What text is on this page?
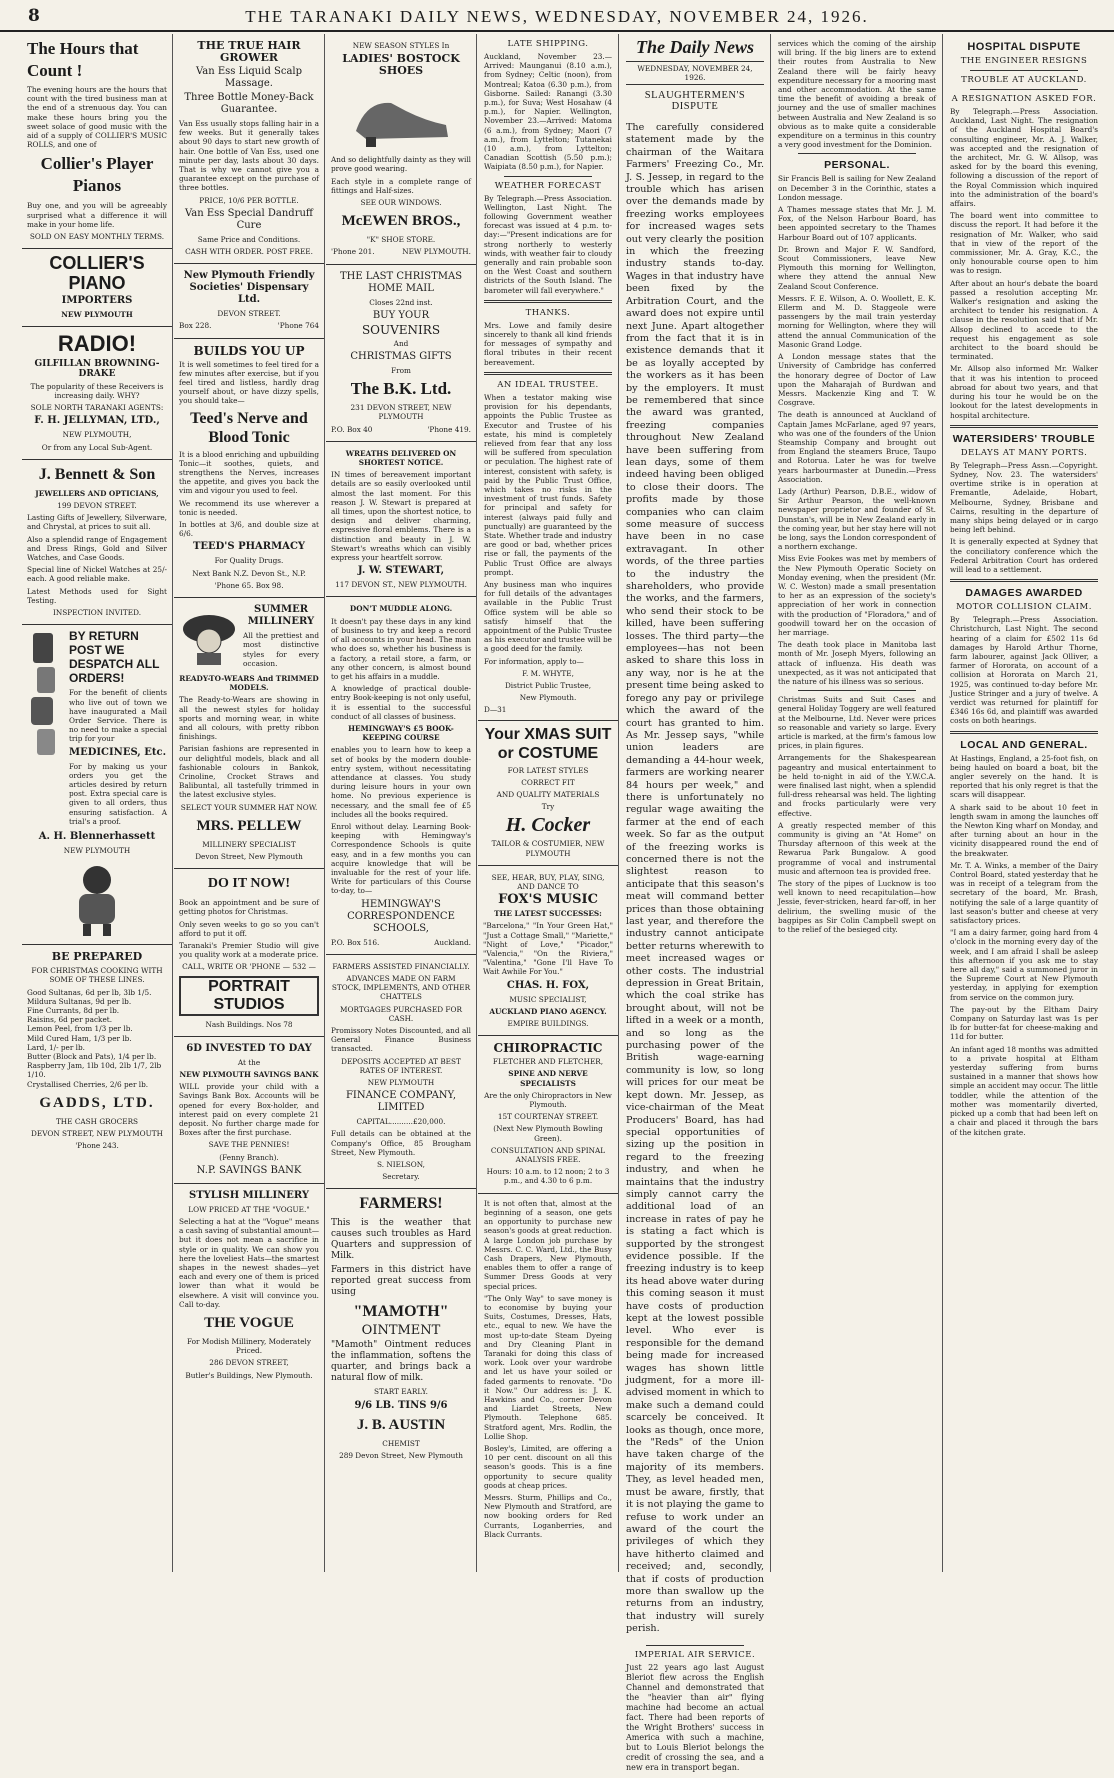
8	THE TARANAKI DAILY NEWS, WEDNESDAY, NOVEMBER 24, 1926.
The Hours that Count !

The evening hours are the hours that count with the tired business man at the end of a strenuous day. You can make these hours bring you the sweet solace of good music with the aid of a supply of COLLIER'S MUSIC ROLLS, and one of

Collier's Player Pianos

Buy one, and you will be agreeably surprised what a difference it will make in your home life.

SOLD ON EASY MONTHLY TERMS.

COLLIER'S PIANO
IMPORTERS
NEW PLYMOUTH
RADIO!
GILFILLAN BROWNING-DRAKE

The popularity of these Receivers is increasing daily. WHY?

SOLE NORTH TARANAKI AGENTS:

F. H. JELLYMAN, LTD.,
NEW PLYMOUTH,
Or from any Local Sub-Agent.
J. Bennett & Son
JEWELLERS AND OPTICIANS,
199 DEVON STREET.

Lasting Gifts of Jewellery, Silverware, and Chrystal, at prices to suit all.

Also a splendid range of Engagement and Dress Rings, Gold and Silver Watches, and Case Goods.

Special line of Nickel Watches at 25/- each. A good reliable make.

Latest Methods used for Sight Testing.

INSPECTION INVITED.
BY RETURN POST WE DESPATCH ALL ORDERS!

For the benefit of clients who live out of town we have inaugurated a Mail Order Service. There is no need to make a special trip for your

MEDICINES, Etc.

For by making us your orders you get the articles desired by return post. Extra special care is given to all orders, thus ensuring satisfaction. A trial's a proof.

A. H. Blennerhassett
NEW PLYMOUTH
BE PREPARED
FOR CHRISTMAS COOKING WITH SOME OF THESE LINES.
Good Sultanas, 6d per lb, 3lb 1/5.
Mildura Sultanas, 9d per lb.
Fine Currants, 8d per lb.
Raisins, 6d per packet.
Lemon Peel, from 1/3 per lb.
Mild Cured Ham, 1/3 per lb.
Lard, 1/- per lb.
Butter (Block and Pats), 1/4 per lb.
Raspberry Jam, 1lb 10d, 2lb 1/7, 2lb 1/10.
Crystallised Cherries, 2/6 per lb.
GADDS, LTD.
THE CASH GROCERS
DEVON STREET, NEW PLYMOUTH
'Phone 243.
THE TRUE HAIR GROWER
Van Ess Liquid Scalp Massage.
Three Bottle Money-Back Guarantee.

Van Ess usually stops falling hair in a few weeks. But it generally takes about 90 days to start new growth of hair. One bottle of Van Ess, used one minute per day, lasts about 30 days. That is why we cannot give you a guarantee except on the purchase of three bottles.

PRICE, 10/6 PER BOTTLE.
Van Ess Special Dandruff Cure
Same Price and Conditions.
CASH WITH ORDER. POST FREE.
New Plymouth Friendly Societies' Dispensary Ltd.
DEVON STREET.
Box 228.	'Phone 764
BUILDS YOU UP

It is well sometimes to feel tired for a few minutes after exercise, but if you feel tired and listless, hardly drag yourself about, or have dizzy spells, you should take—

Teed's Nerve and Blood Tonic

It is a blood enriching and upbuilding Tonic—it soothes, quiets, and strengthens the Nerves, increases the appetite, and gives you back the vim and vigour you used to feel.

We recommend its use wherever a tonic is needed.

In bottles at 3/6, and double size at 6/6.

TEED'S PHARMACY
For Quality Drugs.
Next Bank N.Z. Devon St., N.P.
'Phone 65. Box 98.
SUMMER MILLINERY

All the prettiest and most distinctive styles for every occasion.

READY-TO-WEARS And TRIMMED MODELS.

The Ready-to-Wears are showing in all the newest styles for holiday sports and morning wear, in white and all colours, with pretty ribbon finishings.

Parisian fashions are represented in our delightful models, black and all fashionable colours in Bankok, Crinoline, Crocket Straws and Balibuntal, all tastefully trimmed in the latest exclusive styles.

SELECT YOUR SUMMER HAT NOW.
MRS. PELLEW
MILLINERY SPECIALIST
Devon Street, New Plymouth
DO IT NOW!

Book an appointment and be sure of getting photos for Christmas.

Only seven weeks to go so you can't afford to put it off.

Taranaki's Premier Studio will give you quality work at a moderate price.

CALL, WRITE OR 'PHONE — 532 —
PORTRAIT STUDIOS
Nash Buildings. Nos 78
6D INVESTED TO DAY
At the
NEW PLYMOUTH SAVINGS BANK

WILL provide your child with a Savings Bank Box. Accounts will be opened for every Box-holder, and interest paid on every complete 21 deposit. No further charge made for Boxes after the first purchase.

SAVE THE PENNIES!
(Fenny Branch).
N.P. SAVINGS BANK
STYLISH MILLINERY
LOW PRICED AT THE "VOGUE."

Selecting a hat at the "Vogue" means a cash saving of substantial amount—but it does not mean a sacrifice in style or in quality. We can show you here the loveliest Hats—the smartest shapes in the newest shades—yet each and every one of them is priced lower than what it would be elsewhere. A visit will convince you. Call to-day.

THE VOGUE
For Modish Millinery, Moderately Priced.
286 DEVON STREET,
Butler's Buildings, New Plymouth.
NEW SEASON STYLES In
LADIES' BOSTOCK SHOES

And so delightfully dainty as they will prove good wearing.

Each style in a complete range of fittings and Half-sizes.

SEE OUR WINDOWS.
McEWEN BROS.,
"K" SHOE STORE.
'Phone 201.	NEW PLYMOUTH.
THE LAST CHRISTMAS HOME MAIL
Closes 22nd inst.
BUY YOUR
SOUVENIRS
And
CHRISTMAS GIFTS
From
The B.K. Ltd.
231 DEVON STREET, NEW PLYMOUTH
P.O. Box 40	'Phone 419.
WREATHS DELIVERED ON SHORTEST NOTICE.

IN times of bereavement important details are so easily overlooked until almost the last moment. For this reason J. W. Stewart is prepared at all times, upon the shortest notice, to design and deliver charming, expressive floral emblems. There is a distinction and beauty in J. W. Stewart's wreaths which can visibly express your heartfelt sorrow.

J. W. STEWART,
117 DEVON ST., NEW PLYMOUTH.
DON'T MUDDLE ALONG.

It doesn't pay these days in any kind of business to try and keep a record of all accounts in your head. The man who does so, whether his business is a factory, a retail store, a farm, or any other concern, is almost bound to get his affairs in a muddle.

A knowledge of practical double-entry Book-keeping is not only useful, it is essential to the successful conduct of all classes of business.

HEMINGWAY'S £5 BOOK-KEEPING COURSE

enables you to learn how to keep a set of books by the modern double-entry system, without necessitating attendance at classes. You study during leisure hours in your own home. No previous experience is necessary, and the small fee of £5 includes all the books required.

Enrol without delay. Learning Book-keeping with Hemingway's Correspondence Schools is quite easy, and in a few months you can acquire knowledge that will be invaluable for the rest of your life. Write for particulars of this Course to-day, to—

HEMINGWAY'S CORRESPONDENCE SCHOOLS,
P.O. Box 516.	Auckland.
FARMERS ASSISTED FINANCIALLY.
ADVANCES MADE ON FARM STOCK, IMPLEMENTS, AND OTHER CHATTELS
MORTGAGES PURCHASED FOR CASH.

Promissory Notes Discounted, and all General Finance Business transacted.

DEPOSITS ACCEPTED AT BEST RATES OF INTEREST.
NEW PLYMOUTH
FINANCE COMPANY, LIMITED
CAPITAL..........£20,000.

Full details can be obtained at the Company's Office, 85 Brougham Street, New Plymouth.

S. NIELSON,
Secretary.
FARMERS!

This is the weather that causes such troubles as Hard Quarters and suppression of Milk.

Farmers in this district have reported great success from using

"MAMOTH"
OINTMENT

"Mamoth" Ointment reduces the inflammation, softens the quarter, and brings back a natural flow of milk.

START EARLY.
9/6 LB. TINS 9/6
J. B. AUSTIN
CHEMIST
289 Devon Street, New Plymouth
LATE SHIPPING.

Auckland, November 23.—Arrived: Maunganui (8.10 a.m.), from Sydney; Celtic (noon), from Montreal; Katoa (6.30 p.m.), from Gisborne. Sailed: Ranangi (3.30 p.m.), for Suva; West Hosahaw (4 p.m.), for Napier. Wellington, November 23.—Arrived: Matoma (6 a.m.), from Sydney; Maori (7 a.m.), from Lyttelton; Tutanekai (10 a.m.), from Lyttelton; Canadian Scottish (5.50 p.m.); Waipiata (8.50 p.m.), for Napier.

WEATHER FORECAST

By Telegraph.—Press Association. Wellington, Last Night. The following Government weather forecast was issued at 4 p.m. to-day:—"Present indications are for strong northerly to westerly winds, with weather fair to cloudy generally and rain probable soon on the West Coast and southern districts of the South Island. The barometer will fall everywhere."

THANKS.

Mrs. Lowe and family desire sincerely to thank all kind friends for messages of sympathy and floral tributes in their recent bereavement.

AN IDEAL TRUSTEE.

When a testator making wise provision for his dependants, appoints the Public Trustee as Executor and Trustee of his estate, his mind is completely relieved from fear that any loss will be suffered from speculation or peculation. The highest rate of interest, consistent with safety, is paid by the Public Trust Office, which takes no risks in the investment of trust funds. Safety for principal and safety for interest (always paid fully and punctually) are guaranteed by the State. Whether trade and industry are good or bad, whether prices rise or fall, the payments of the Public Trust Office are always prompt.

Any business man who inquires for full details of the advantages available in the Public Trust Office system will be able so satisfy himself that the appointment of the Public Trustee as his executor and trustee will be a good deed for the family.

For information, apply to—

F. M. WHYTE,
District Public Trustee,
New Plymouth.
D—31
Your XMAS SUIT or COSTUME
FOR LATEST STYLES
CORRECT FIT
AND QUALITY MATERIALS
Try
H. Cocker
TAILOR & COSTUMIER, NEW PLYMOUTH
SEE, HEAR, BUY, PLAY, SING, AND DANCE TO
FOX'S MUSIC
THE LATEST SUCCESSES:

"Barcelona," "In Your Green Hat," "Just a Cottage Small," "Mariette," "Night of Love," "Picador," "Valencia," "On the Riviera," "Valentina," "Gone I'll Have To Wait Awhile For You."

CHAS. H. FOX,
MUSIC SPECIALIST,
AUCKLAND PIANO AGENCY.
EMPIRE BUILDINGS.
CHIROPRACTIC
FLETCHER AND FLETCHER,
SPINE AND NERVE SPECIALISTS
Are the only Chiropractors in New Plymouth.
15T COURTENAY STREET.
(Next New Plymouth Bowling Green).
CONSULTATION AND SPINAL ANALYSIS FREE.
Hours: 10 a.m. to 12 noon; 2 to 3 p.m., and 4.30 to 6 p.m.

It is not often that, almost at the beginning of a season, one gets an opportunity to purchase new season's goods at great reduction. A large London job purchase by Messrs. C. C. Ward, Ltd., the Busy Cash Drapers, New Plymouth, enables them to offer a range of Summer Dress Goods at very special prices.

"The Only Way" to save money is to economise by buying your Suits, Costumes, Dresses, Hats, etc., equal to new. We have the most up-to-date Steam Dyeing and Dry Cleaning Plant in Taranaki for doing this class of work. Look over your wardrobe and let us have your soiled or faded garments to renovate. "Do it Now." Our address is: J. K. Hawkins and Co., corner Devon and Liardet Streets, New Plymouth. Telephone 685. Stratford agent, Mrs. Rodlin, the Lollie Shop.

Bosley's, Limited, are offering a 10 per cent. discount on all this season's goods. This is a fine opportunity to secure quality goods at cheap prices.

Messrs. Sturm, Phillips and Co., New Plymouth and Stratford, are now booking orders for Red Currants, Loganberries, and Black Currants.

The Daily News
WEDNESDAY, NOVEMBER 24, 1926.
SLAUGHTERMEN'S DISPUTE

The carefully considered statement made by the chairman of the Waitara Farmers' Freezing Co., Mr. J. S. Jessep, in regard to the trouble which has arisen over the demands made by freezing works employees for increased wages sets out very clearly the position in which the freezing industry stands to-day. Wages in that industry have been fixed by the Arbitration Court, and the award does not expire until next June. Apart altogether from the fact that it is in existence demands that it be as loyally accepted by the workers as it has been by the employers. It must be remembered that since the award was granted, freezing companies throughout New Zealand have been suffering from lean days, some of them indeed having been obliged to close their doors. The profits made by those companies who can claim some measure of success have been in no case extravagant. In other words, of the three parties to the industry the shareholders, who provide the works, and the farmers, who send their stock to be killed, have been suffering losses. The third party—the employees—has not been asked to share this loss in any way, nor is he at the present time being asked to forego any pay or privilege which the award of the court has granted to him. As Mr. Jessep says, "while union leaders are demanding a 44-hour week, farmers are working nearer 84 hours per week," and there is unfortunately no regular wage awaiting the farmer at the end of each week. So far as the output of the freezing works is concerned there is not the slightest reason to anticipate that this season's meat will command better prices than those obtaining last year, and therefore the industry cannot anticipate better returns wherewith to meet increased wages or other costs. The industrial depression in Great Britain, which the coal strike has brought about, will not be lifted in a week or a month, and so long as the purchasing power of the British wage-earning community is low, so long will prices for our meat be kept down. Mr. Jessep, as vice-chairman of the Meat Producers' Board, has had special opportunities of sizing up the position in regard to the freezing industry, and when he maintains that the industry simply cannot carry the additional load of an increase in rates of pay he is stating a fact which is supported by the strongest evidence possible. If the freezing industry is to keep its head above water during this coming season it must have costs of production kept at the lowest possible level. Who ever is responsible for the demand being made for increased wages has shown little judgment, for a more ill-advised moment in which to make such a demand could scarcely be conceived. It looks as though, once more, the "Reds" of the Union have taken charge of the majority of its members. They, as level headed men, must be aware, firstly, that it is not playing the game to refuse to work under an award of the court the privileges of which they have hitherto claimed and received; and, secondly, that if costs of production more than swallow up the returns from an industry, that industry will surely perish.

IMPERIAL AIR SERVICE.

Just 22 years ago last August Bleriot flew across the English Channel and demonstrated that the "heavier than air" flying machine had become an actual fact. There had been reports of the Wright Brothers' success in America with such a machine, but to Louis Bleriot belongs the credit of crossing the sea, and a new era in transport began.

services which the coming of the airship will bring. If the big liners are to extend their routes from Australia to New Zealand there will be fairly heavy expenditure necessary for a mooring mast and other accommodation. At the same time the benefit of avoiding a break of journey and the use of smaller machines between Australia and New Zealand is so obvious as to make quite a considerable expenditure on a terminus in this country a very good investment for the Dominion.

PERSONAL.

Sir Francis Bell is sailing for New Zealand on December 3 in the Corinthic, states a London message.

A Thames message states that Mr. J. M. Fox, of the Nelson Harbour Board, has been appointed secretary to the Thames Harbour Board out of 107 applicants.

Dr. Brown and Major F. W. Sandford, Scout Commissioners, leave New Plymouth this morning for Wellington, where they attend the annual New Zealand Scout Conference.

Messrs. F. E. Wilson, A. O. Woollett, E. K. Ellerm and M. D. Staggeole were passengers by the mail train yesterday morning for Wellington, where they will attend the annual Communication of the Masonic Grand Lodge.

A London message states that the University of Cambridge has conferred the honorary degree of Doctor of Law upon the Maharajah of Burdwan and Messrs. Mackenzie King and T. W. Cosgrave.

The death is announced at Auckland of Captain James McFarlane, aged 97 years, who was one of the founders of the Union Steamship Company and brought out from England the steamers Bruce, Taupo and Rotorua. Later he was for twelve years harbourmaster at Dunedin.—Press Association.

Lady (Arthur) Pearson, D.B.E., widow of Sir Arthur Pearson, the well-known newspaper proprietor and founder of St. Dunstan's, will be in New Zealand early in the coming year, but her stay here will not be long, says the London correspondent of a northern exchange.

Miss Evie Fookes was met by members of the New Plymouth Operatic Society on Monday evening, when the president (Mr. W. C. Weston) made a small presentation to her as an expression of the society's appreciation of her work in connection with the production of "Floradora," and of goodwill toward her on the occasion of her marriage.

The death took place in Manitoba last month of Mr. Joseph Myers, following an attack of influenza. His death was unexpected, as it was not anticipated that the nature of his illness was so serious.

Christmas Suits and Suit Cases and general Holiday Toggery are well featured at the Melbourne, Ltd. Never were prices so reasonable and variety so large. Every article is marked, at the firm's famous low prices, in plain figures.

Arrangements for the Shakespearean pageantry and musical entertainment to be held to-night in aid of the Y.W.C.A. were finalised last night, when a splendid full-dress rehearsal was held. The lighting and frocks particularly were very effective.

A greatly respected member of this community is giving an "At Home" on Thursday afternoon of this week at the Rewarua Park Bungalow. A good programme of vocal and instrumental music and afternoon tea is provided free.

The story of the pipes of Lucknow is too well known to need recapitulation—how Jessie, fever-stricken, heard far-off, in her delirium, the swelling music of the bagpipes as Sir Colin Campbell swept on to the relief of the besieged city.

HOSPITAL DISPUTE
THE ENGINEER RESIGNS
TROUBLE AT AUCKLAND.
A RESIGNATION ASKED FOR.

By Telegraph.—Press Association. Auckland, Last Night. The resignation of the Auckland Hospital Board's consulting engineer, Mr. A. J. Walker, was accepted and the resignation of the architect, Mr. G. W. Allsop, was asked for by the board this evening, following a discussion of the report of the Royal Commission which inquired into the administration of the board's affairs.

The board went into committee to discuss the report. It had before it the resignation of Mr. Walker, who said that in view of the report of the commissioner, Mr. A. Gray, K.C., the only honourable course open to him was to resign.

After about an hour's debate the board passed a resolution accepting Mr. Walker's resignation and asking the architect to tender his resignation. A clause in the resolution said that if Mr. Allsop declined to accede to the request his engagement as sole architect to the board should be terminated.

Mr. Allsop also informed Mr. Walker that it was his intention to proceed abroad for about two years, and that during his tour he would be on the lookout for the latest developments in hospital architecture.

WATERSIDERS' TROUBLE
DELAYS AT MANY PORTS.

By Telegraph—Press Assn.—Copyright. Sydney, Nov. 23. The watersiders' overtime strike is in operation at Fremantle, Adelaide, Hobart, Melbourne, Sydney, Brisbane and Cairns, resulting in the departure of many ships being delayed or in cargo being left behind.

It is generally expected at Sydney that the conciliatory conference which the Federal Arbitration Court has ordered will lead to a settlement.

DAMAGES AWARDED
MOTOR COLLISION CLAIM.

By Telegraph.—Press Association. Christchurch, Last Night. The second hearing of a claim for £502 11s 6d damages by Harold Arthur Thorne, farm labourer, against Jack Olliver, a farmer of Hororata, on account of a collision at Hororata on March 21, 1925, was continued to-day before Mr. Justice Stringer and a jury of twelve. A verdict was returned for plaintiff for £346 16s 6d, and plaintiff was awarded costs on both hearings.

LOCAL AND GENERAL.

At Hastings, England, a 25-foot fish, on being hauled on board a boat, bit the angler severely on the hand. It is reported that his only regret is that the scars will disappear.

A shark said to be about 10 feet in length swam in among the launches off the Newton King wharf on Monday, and after turning about an hour in the vicinity disappeared round the end of the breakwater.

Mr. T. A. Winks, a member of the Dairy Control Board, stated yesterday that he was in receipt of a telegram from the secretary of the board, Mr. Brash, notifying the sale of a large quantity of last season's butter and cheese at very satisfactory prices.

"I am a dairy farmer, going hard from 4 o'clock in the morning every day of the week, and I am afraid I shall be asleep this afternoon if you ask me to stay here all day," said a summoned juror in the Supreme Court at New Plymouth yesterday, in applying for exemption from service on the common jury.

The pay-out by the Eltham Dairy Company on Saturday last was 1s per lb for butter-fat for cheese-making and 11d for butter.

An infant aged 18 months was admitted to a private hospital at Eltham yesterday suffering from burns sustained in a manner that shows how simple an accident may occur. The little toddler, while the attention of the mother was momentarily diverted, picked up a comb that had been left on a chair and placed it through the bars of the kitchen grate.
